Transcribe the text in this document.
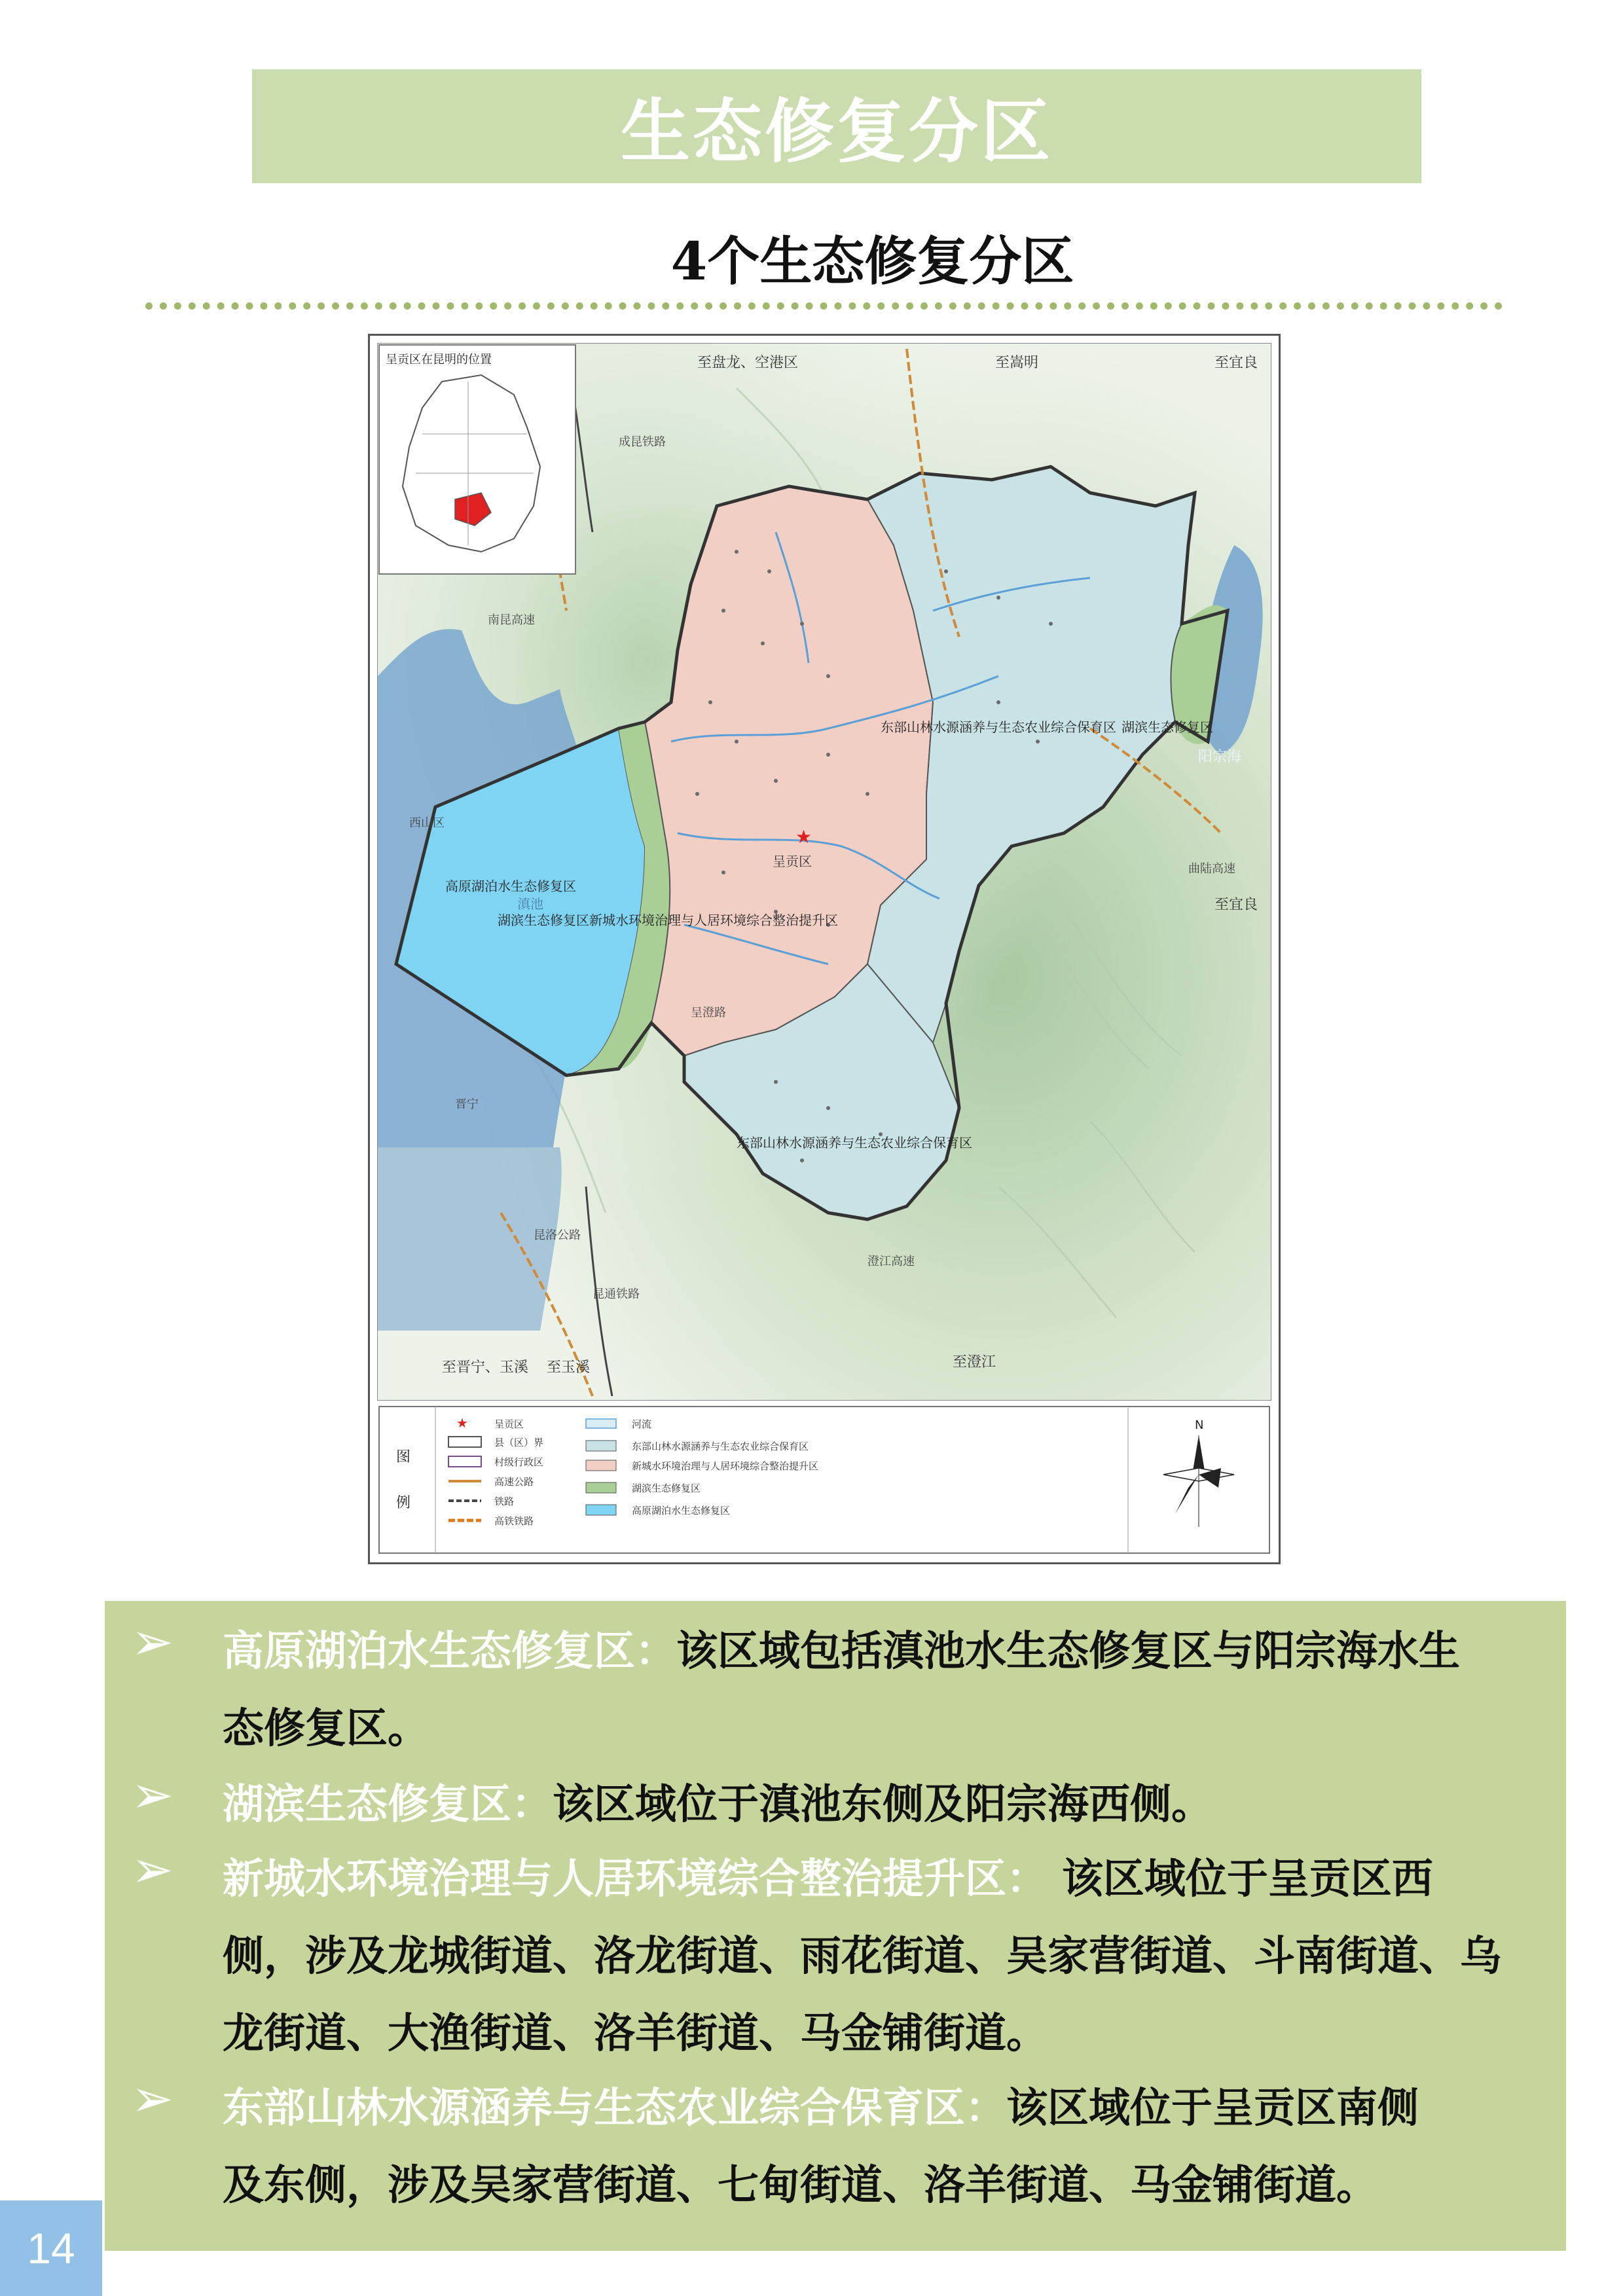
生态修复分区
4个生态修复分区
★
呈贡区
东部山林水源涵养与生态农业综合保育区 湖滨生态修复区
高原湖泊水生态修复区
湖滨生态修复区 新城水环境治理与人居环境综合整治提升区
东部山林水源涵养与生态农业综合保育区
滇池
阳宗海
至盘龙、空港区	至嵩明	至宜良
至宜良
至晋宁、玉溪 至玉溪	至澄江
成昆铁路
南昆高速
西山区
晋宁
昆洛公路
昆通铁路
呈澄路
曲陆高速
澄江高速
呈贡区在昆明的位置
图
例
★	呈贡区
县（区）界
村级行政区
高速公路
铁路
高铁铁路
河流
东部山林水源涵养与生态农业综合保育区
新城水环境治理与人居环境综合整治提升区
湖滨生态修复区
高原湖泊水生态修复区
N
➢ 高原湖泊水生态修复区：该区域包括滇池水生态修复区与阳宗海水生
态修复区。
➢ 湖滨生态修复区：该区域位于滇池东侧及阳宗海西侧。
➢ 新城水环境治理与人居环境综合整治提升区： 该区域位于呈贡区西
侧，涉及龙城街道、洛龙街道、雨花街道、吴家营街道、斗南街道、乌
龙街道、大渔街道、洛羊街道、马金铺街道。
➢ 东部山林水源涵养与生态农业综合保育区：该区域位于呈贡区南侧
及东侧，涉及吴家营街道、七甸街道、洛羊街道、马金铺街道。
14
